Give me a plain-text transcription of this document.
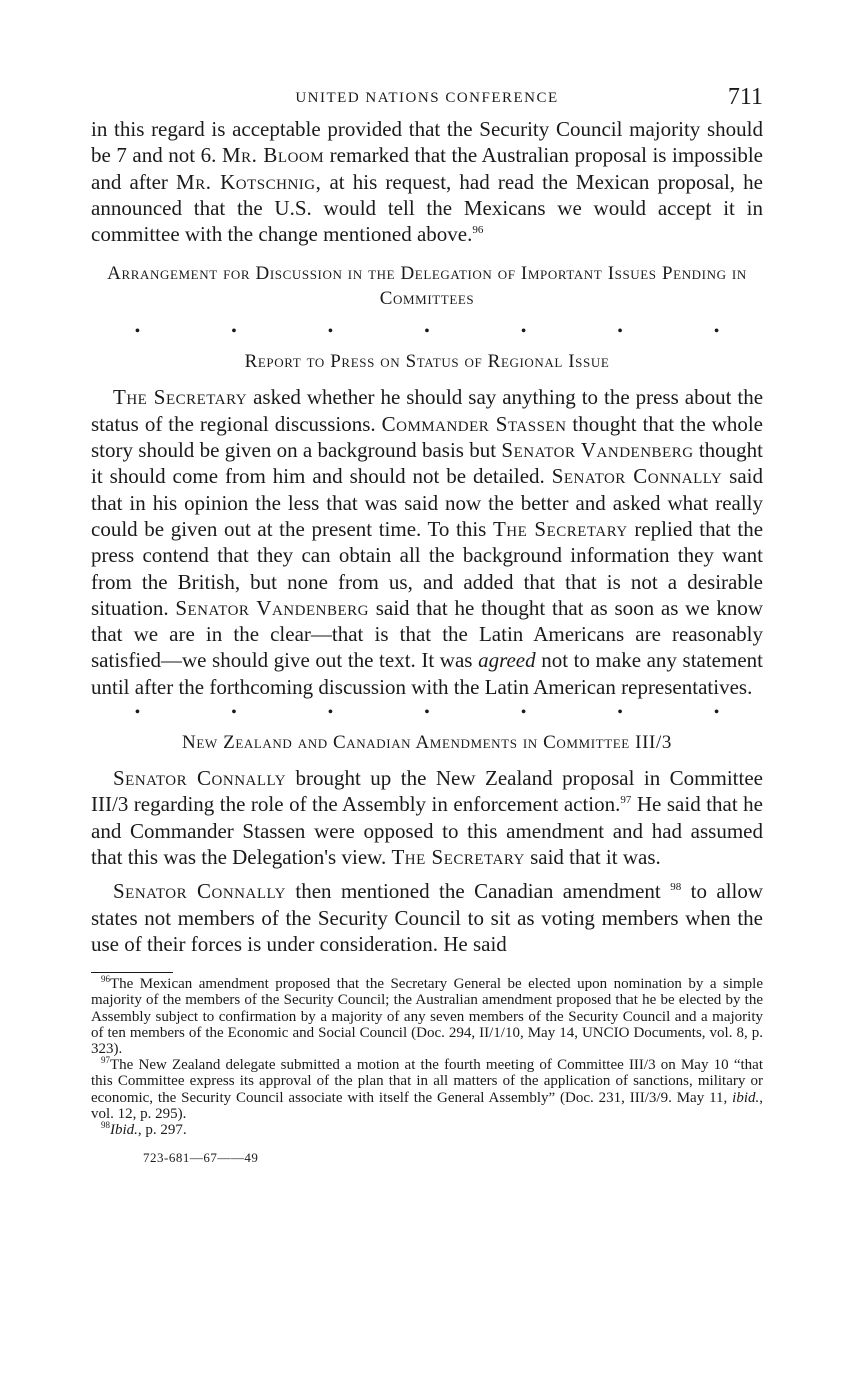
UNITED NATIONS CONFERENCE	711

in this regard is acceptable provided that the Security Council majority should be 7 and not 6. Mr. Bloom remarked that the Australian proposal is impossible and after Mr. Kotschnig, at his request, had read the Mexican proposal, he announced that the U.S. would tell the Mexicans we would accept it in committee with the change mentioned above.$^{96}$

Arrangement for Discussion in the Delegation of Important Issues Pending in Committees
•	•	•	•	•	•	•
Report to Press on Status of Regional Issue

The Secretary asked whether he should say anything to the press about the status of the regional discussions. Commander Stassen thought that the whole story should be given on a background basis but Senator Vandenberg thought it should come from him and should not be detailed. Senator Connally said that in his opinion the less that was said now the better and asked what really could be given out at the present time. To this The Secretary replied that the press contend that they can obtain all the background information they want from the British, but none from us, and added that that is not a desirable situation. Senator Vandenberg said that he thought that as soon as we know that we are in the clear—that is that the Latin Americans are reasonably satisfied—we should give out the text. It was agreed not to make any statement until after the forthcoming discussion with the Latin American representatives.

•	•	•	•	•	•	•
New Zealand and Canadian Amendments in Committee III/3

Senator Connally brought up the New Zealand proposal in Committee III/3 regarding the role of the Assembly in enforcement action.$^{97}$ He said that he and Commander Stassen were opposed to this amendment and had assumed that this was the Delegation's view. The Secretary said that it was.

Senator Connally then mentioned the Canadian amendment $^{98}$ to allow states not members of the Security Council to sit as voting members when the use of their forces is under consideration. He said

$^{96}$The Mexican amendment proposed that the Secretary General be elected upon nomination by a simple majority of the members of the Security Council; the Australian amendment proposed that he be elected by the Assembly subject to confirmation by a majority of any seven members of the Security Council and a majority of ten members of the Economic and Social Council (Doc. 294, II/1/10, May 14, UNCIO Documents, vol. 8, p. 323).

$^{97}$The New Zealand delegate submitted a motion at the fourth meeting of Committee III/3 on May 10 “that this Committee express its approval of the plan that in all matters of the application of sanctions, military or economic, the Security Council associate with itself the General Assembly” (Doc. 231, III/3/9. May 11, ibid., vol. 12, p. 295).

$^{98}$Ibid., p. 297.

723-681—67——49
